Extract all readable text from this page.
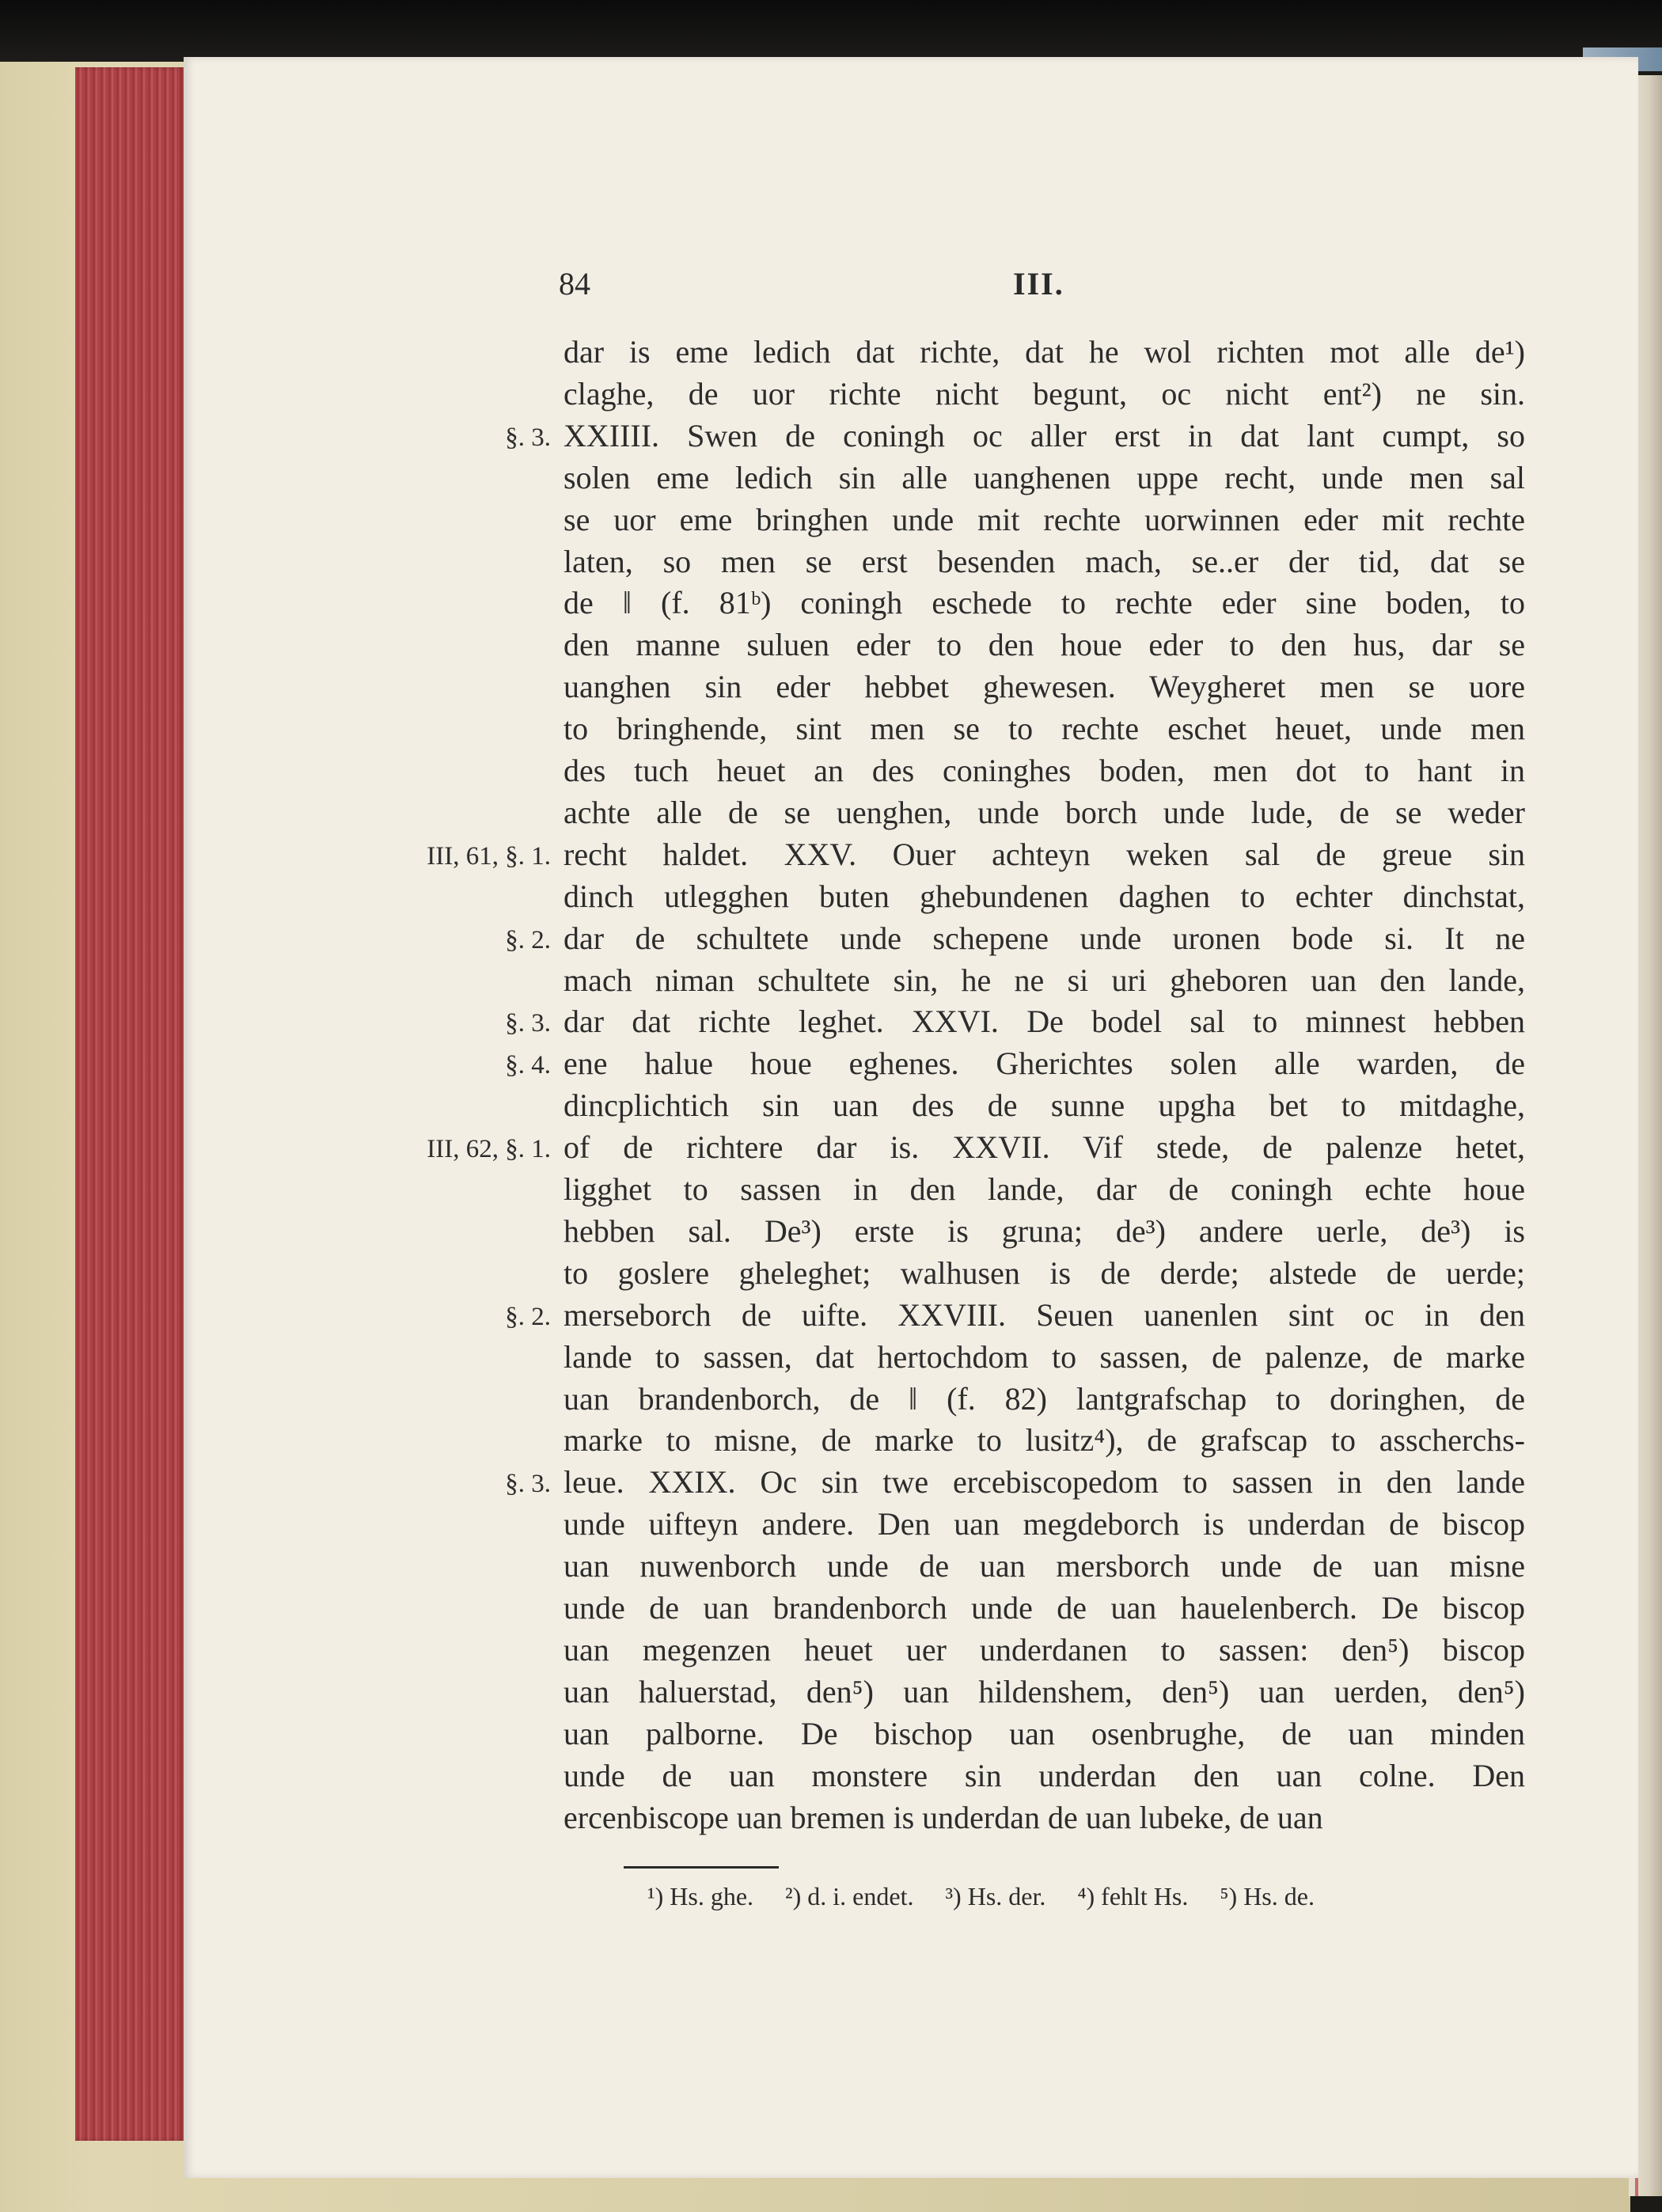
84	III.
dar is eme ledich dat richte, dat he wol richten mot alle de¹)
claghe, de uor richte nicht begunt, oc nicht ent²) ne sin.
XXIIII. Swen de coningh oc aller erst in dat lant cumpt, so
§. 3.
solen eme ledich sin alle uanghenen uppe recht, unde men sal
se uor eme bringhen unde mit rechte uorwinnen eder mit rechte
laten, so men se erst besenden mach, se..er der tid, dat se
de ‖ (f. 81ᵇ) coningh eschede to rechte eder sine boden, to
den manne suluen eder to den houe eder to den hus, dar se
uanghen sin eder hebbet ghewesen. Weygheret men se uore
to bringhende, sint men se to rechte eschet heuet, unde men
des tuch heuet an des coninghes boden, men dot to hant in
achte alle de se uenghen, unde borch unde lude, de se weder
recht haldet. XXV. Ouer achteyn weken sal de greue sin
III, 61, §. 1.
dinch utlegghen buten ghebundenen daghen to echter dinchstat,
dar de schultete unde schepene unde uronen bode si. It ne
§. 2.
mach niman schultete sin, he ne si uri gheboren uan den lande,
dar dat richte leghet. XXVI. De bodel sal to minnest hebben
§. 3.
ene halue houe eghenes. Gherichtes solen alle warden, de
§. 4.
dincplichtich sin uan des de sunne upgha bet to mitdaghe,
of de richtere dar is. XXVII. Vif stede, de palenze hetet,
III, 62, §. 1.
ligghet to sassen in den lande, dar de coningh echte houe
hebben sal. De³) erste is gruna; de³) andere uerle, de³) is
to goslere gheleghet; walhusen is de derde; alstede de uerde;
merseborch de uifte. XXVIII. Seuen uanenlen sint oc in den
§. 2.
lande to sassen, dat hertochdom to sassen, de palenze, de marke
uan brandenborch, de ‖ (f. 82) lantgrafschap to doringhen, de
marke to misne, de marke to lusitz⁴), de grafscap to asscherchs-
leue. XXIX. Oc sin twe ercebiscopedom to sassen in den lande
§. 3.
unde uifteyn andere. Den uan megdeborch is underdan de biscop
uan nuwenborch unde de uan mersborch unde de uan misne
unde de uan brandenborch unde de uan hauelenberch. De biscop
uan megenzen heuet uer underdanen to sassen: den⁵) biscop
uan haluerstad, den⁵) uan hildenshem, den⁵) uan uerden, den⁵)
uan palborne. De bischop uan osenbrughe, de uan minden
unde de uan monstere sin underdan den uan colne. Den
ercenbiscope uan bremen is underdan de uan lubeke, de uan
¹) Hs. ghe. ²) d. i. endet. ³) Hs. der. ⁴) fehlt Hs. ⁵) Hs. de.
